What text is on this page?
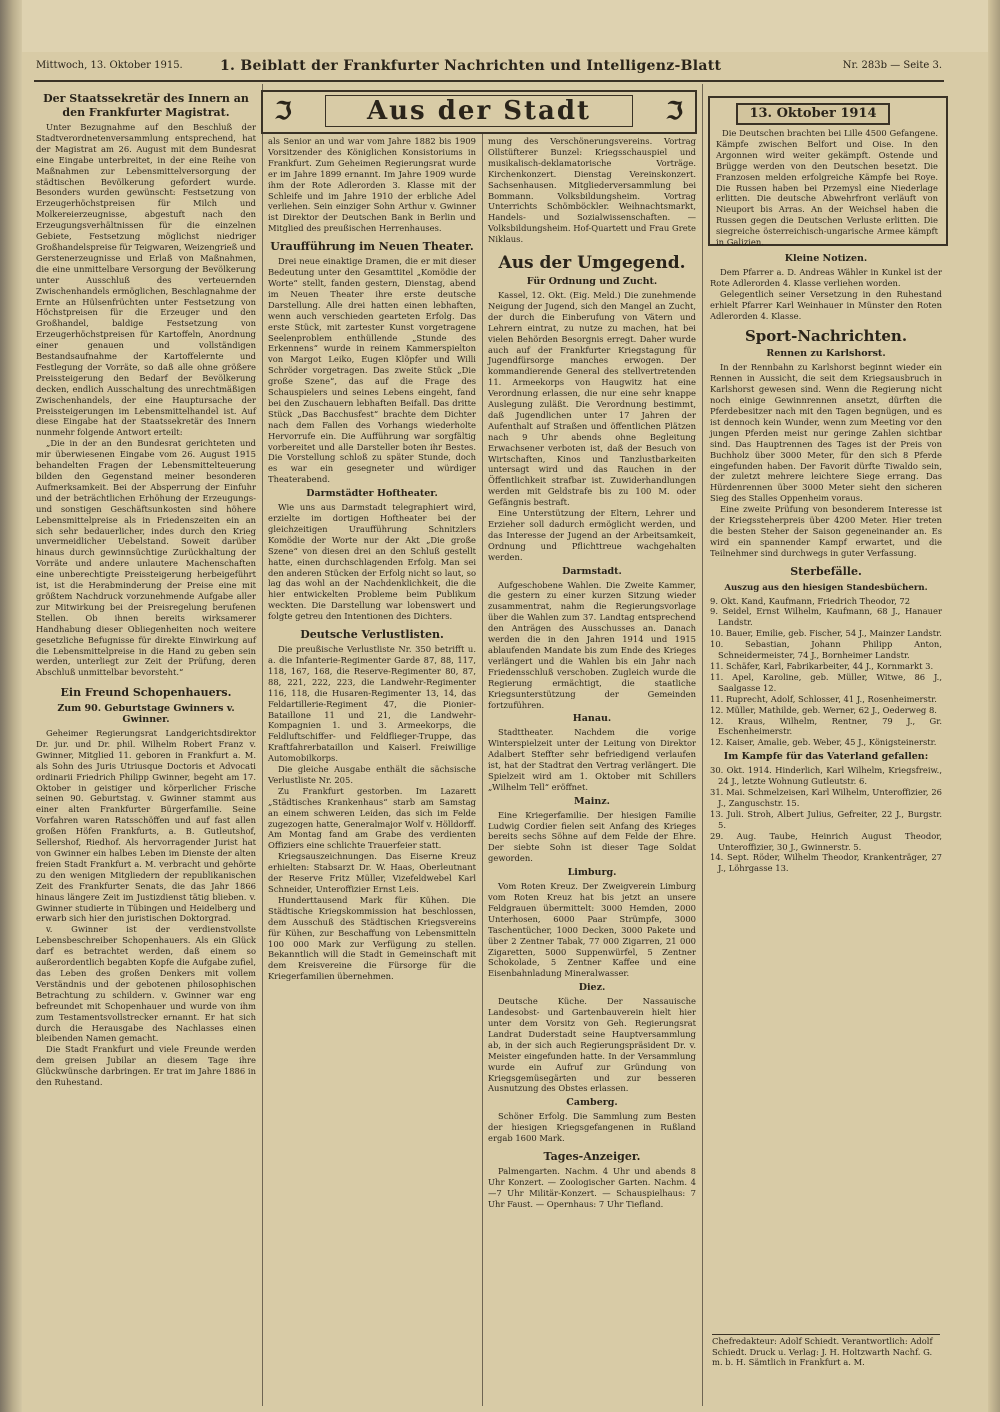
Mittwoch, 13. Oktober 1915.	1. Beiblatt der Frankfurter Nachrichten und Intelligenz-Blatt	Nr. 283b — Seite 3.
ℑ	Aus der Stadt	ℑ
Der Staatssekretär des Innern an den Frankfurter Magistrat.

Unter Bezugnahme auf den Beschluß der Stadtverordnetenversammlung entsprechend, hat der Magistrat am 26. August mit dem Bundesrat eine Eingabe unterbreitet, in der eine Reihe von Maßnahmen zur Lebensmittelversorgung der städtischen Bevölkerung gefordert wurde. Besonders wurden gewünscht: Festsetzung von Erzeugerhöchstpreisen für Milch und Molkereierzeugnisse, abgestuft nach den Erzeugungsverhältnissen für die einzelnen Gebiete, Festsetzung möglichst niedriger Großhandelspreise für Teigwaren, Weizengrieß und Gerstenerzeugnisse und Erlaß von Maßnahmen, die eine unmittelbare Versorgung der Bevölkerung unter Ausschluß des verteuernden Zwischenhandels ermöglichen, Beschlagnahme der Ernte an Hülsenfrüchten unter Festsetzung von Höchstpreisen für die Erzeuger und den Großhandel, baldige Festsetzung von Erzeugerhöchstpreisen für Kartoffeln, Anordnung einer genauen und vollständigen Bestandsaufnahme der Kartoffelernte und Festlegung der Vorräte, so daß alle ohne größere Preissteigerung den Bedarf der Bevölkerung decken, endlich Ausschaltung des unrechtmäßigen Zwischenhandels, der eine Hauptursache der Preissteigerungen im Lebensmittelhandel ist. Auf diese Eingabe hat der Staatssekretär des Innern nunmehr folgende Antwort erteilt:

„Die in der an den Bundesrat gerichteten und mir überwiesenen Eingabe vom 26. August 1915 behandelten Fragen der Lebensmittelteuerung bilden den Gegenstand meiner besonderen Aufmerksamkeit. Bei der Absperrung der Einfuhr und der beträchtlichen Erhöhung der Erzeugungs- und sonstigen Geschäftsunkosten sind höhere Lebensmittelpreise als in Friedenszeiten ein an sich sehr bedauerlicher, indes durch den Krieg unvermeidlicher Uebelstand. Soweit darüber hinaus durch gewinnsüchtige Zurückhaltung der Vorräte und andere unlautere Machenschaften eine unberechtigte Preissteigerung herbeigeführt ist, ist die Herabminderung der Preise eine mit größtem Nachdruck vorzunehmende Aufgabe aller zur Mitwirkung bei der Preisregelung berufenen Stellen. Ob ihnen bereits wirksamerer Handhabung dieser Obliegenheiten noch weitere gesetzliche Befugnisse für direkte Einwirkung auf die Lebensmittelpreise in die Hand zu geben sein werden, unterliegt zur Zeit der Prüfung, deren Abschluß unmittelbar bevorsteht.“

Ein Freund Schopenhauers.
Zum 90. Geburtstage Gwinners v. Gwinner.

Geheimer Regierungsrat Landgerichtsdirektor Dr. jur. und Dr. phil. Wilhelm Robert Franz v. Gwinner, Mitglied 11. geboren in Frankfurt a. M. als Sohn des Juris Utriusque Doctoris et Advocati ordinarii Friedrich Philipp Gwinner, begeht am 17. Oktober in geistiger und körperlicher Frische seinen 90. Geburtstag. v. Gwinner stammt aus einer alten Frankfurter Bürgerfamilie. Seine Vorfahren waren Ratsschöffen und auf fast allen großen Höfen Frankfurts, a. B. Gutleutshof, Sellershof, Riedhof. Als hervorragender Jurist hat von Gwinner ein halbes Leben im Dienste der alten freien Stadt Frankfurt a. M. verbracht und gehörte zu den wenigen Mitgliedern der republikanischen Zeit des Frankfurter Senats, die das Jahr 1866 hinaus längere Zeit im Justizdienst tätig blieben. v. Gwinner studierte in Tübingen und Heidelberg und erwarb sich hier den juristischen Doktorgrad.

v. Gwinner ist der verdienstvollste Lebensbeschreiber Schopenhauers. Als ein Glück darf es betrachtet werden, daß einem so außerordentlich begabten Kopfe die Aufgabe zufiel, das Leben des großen Denkers mit vollem Verständnis und der gebotenen philosophischen Betrachtung zu schildern. v. Gwinner war eng befreundet mit Schopenhauer und wurde von ihm zum Testamentsvollstrecker ernannt. Er hat sich durch die Herausgabe des Nachlasses einen bleibenden Namen gemacht.

Die Stadt Frankfurt und viele Freunde werden dem greisen Jubilar an diesem Tage ihre Glückwünsche darbringen. Er trat im Jahre 1886 in den Ruhestand.

als Senior an und war vom Jahre 1882 bis 1909 Vorsitzender des Königlichen Konsistoriums in Frankfurt. Zum Geheimen Regierungsrat wurde er im Jahre 1899 ernannt. Im Jahre 1909 wurde ihm der Rote Adlerorden 3. Klasse mit der Schleife und im Jahre 1910 der erbliche Adel verliehen. Sein einziger Sohn Arthur v. Gwinner ist Direktor der Deutschen Bank in Berlin und Mitglied des preußischen Herrenhauses.

Uraufführung im Neuen Theater.

Drei neue einaktige Dramen, die er mit dieser Bedeutung unter den Gesamttitel „Komödie der Worte“ stellt, fanden gestern, Dienstag, abend im Neuen Theater ihre erste deutsche Darstellung. Alle drei hatten einen lebhaften, wenn auch verschieden gearteten Erfolg. Das erste Stück, mit zartester Kunst vorgetragene Seelenproblem enthüllende „Stunde des Erkennens“ wurde in reinem Kammerspielton von Margot Leiko, Eugen Klöpfer und Willi Schröder vorgetragen. Das zweite Stück „Die große Szene“, das auf die Frage des Schauspielers und seines Lebens eingeht, fand bei den Zuschauern lebhaften Beifall. Das dritte Stück „Das Bacchusfest“ brachte dem Dichter nach dem Fallen des Vorhangs wiederholte Hervorrufe ein. Die Aufführung war sorgfältig vorbereitet und alle Darsteller boten ihr Bestes. Die Vorstellung schloß zu später Stunde, doch es war ein gesegneter und würdiger Theaterabend.

Darmstädter Hoftheater.

Wie uns aus Darmstadt telegraphiert wird, erzielte im dortigen Hoftheater bei der gleichzeitigen Uraufführung Schnitzlers Komödie der Worte nur der Akt „Die große Szene“ von diesen drei an den Schluß gestellt hatte, einen durchschlagenden Erfolg. Man sei den anderen Stücken der Erfolg nicht so laut, so lag das wohl an der Nachdenklichkeit, die die hier entwickelten Probleme beim Publikum weckten. Die Darstellung war lobenswert und folgte getreu den Intentionen des Dichters.

Deutsche Verlustlisten.

Die preußische Verlustliste Nr. 350 betrifft u. a. die Infanterie-Regimenter Garde 87, 88, 117, 118, 167, 168, die Reserve-Regimenter 80, 87, 88, 221, 222, 223, die Landwehr-Regimenter 116, 118, die Husaren-Regimenter 13, 14, das Feldartillerie-Regiment 47, die Pionier-Bataillone 11 und 21, die Landwehr-Kompagnien 1. und 3. Armeekorps, die Feldluftschiffer- und Feldflieger-Truppe, das Kraftfahrerbataillon und Kaiserl. Freiwillige Automobilkorps.

Die gleiche Ausgabe enthält die sächsische Verlustliste Nr. 205.

Zu Frankfurt gestorben. Im Lazarett „Städtisches Krankenhaus“ starb am Samstag an einem schweren Leiden, das sich im Felde zugezogen hatte, Generalmajor Wolf v. Hölldorff. Am Montag fand am Grabe des verdienten Offiziers eine schlichte Trauerfeier statt.

Kriegsauszeichnungen. Das Eiserne Kreuz erhielten: Stabsarzt Dr. W. Haas, Oberleutnant der Reserve Fritz Müller, Vizefeldwebel Karl Schneider, Unteroffizier Ernst Leis.

Hunderttausend Mark für Kühen. Die Städtische Kriegskommission hat beschlossen, dem Ausschuß des Städtischen Kriegsvereins für Kühen, zur Beschaffung von Lebensmitteln 100 000 Mark zur Verfügung zu stellen. Bekanntlich will die Stadt in Gemeinschaft mit dem Kreisvereine die Fürsorge für die Kriegerfamilien übernehmen.

mung des Verschönerungsvereins. Vortrag Ollstüfterer Bunzel: Kriegsschauspiel und musikalisch-deklamatorische Vorträge. Kirchenkonzert. Dienstag Vereinskonzert. Sachsenhausen. Mitgliederversammlung bei Bommann. Volksbildungsheim. Vortrag Unterrichts Schömböckler. Weihnachtsmarkt, Handels- und Sozialwissenschaften. — Volksbildungsheim. Hof-Quartett und Frau Grete Niklaus.

Aus der Umgegend.
Für Ordnung und Zucht.

Kassel, 12. Okt. (Eig. Meld.) Die zunehmende Neigung der Jugend, sich den Mangel an Zucht, der durch die Einberufung von Vätern und Lehrern eintrat, zu nutze zu machen, hat bei vielen Behörden Besorgnis erregt. Daher wurde auch auf der Frankfurter Kriegstagung für Jugendfürsorge manches erwogen. Der kommandierende General des stellvertretenden 11. Armeekorps von Haugwitz hat eine Verordnung erlassen, die nur eine sehr knappe Auslegung zuläßt. Die Verordnung bestimmt, daß Jugendlichen unter 17 Jahren der Aufenthalt auf Straßen und öffentlichen Plätzen nach 9 Uhr abends ohne Begleitung Erwachsener verboten ist, daß der Besuch von Wirtschaften, Kinos und Tanzlustbarkeiten untersagt wird und das Rauchen in der Öffentlichkeit strafbar ist. Zuwiderhandlungen werden mit Geldstrafe bis zu 100 M. oder Gefängnis bestraft.

Eine Unterstützung der Eltern, Lehrer und Erzieher soll dadurch ermöglicht werden, und das Interesse der Jugend an der Arbeitsamkeit, Ordnung und Pflichttreue wachgehalten werden.

Darmstadt.

Aufgeschobene Wahlen. Die Zweite Kammer, die gestern zu einer kurzen Sitzung wieder zusammentrat, nahm die Regierungsvorlage über die Wahlen zum 37. Landtag entsprechend den Anträgen des Ausschusses an. Danach werden die in den Jahren 1914 und 1915 ablaufenden Mandate bis zum Ende des Krieges verlängert und die Wahlen bis ein Jahr nach Friedensschluß verschoben. Zugleich wurde die Regierung ermächtigt, die staatliche Kriegsunterstützung der Gemeinden fortzuführen.

Hanau.

Stadttheater. Nachdem die vorige Winterspielzeit unter der Leitung von Direktor Adalbert Steffter sehr befriedigend verlaufen ist, hat der Stadtrat den Vertrag verlängert. Die Spielzeit wird am 1. Oktober mit Schillers „Wilhelm Tell“ eröffnet.

Mainz.

Eine Kriegerfamilie. Der hiesigen Familie Ludwig Cordier fielen seit Anfang des Krieges bereits sechs Söhne auf dem Felde der Ehre. Der siebte Sohn ist dieser Tage Soldat geworden.

Limburg.

Vom Roten Kreuz. Der Zweigverein Limburg vom Roten Kreuz hat bis jetzt an unsere Feldgrauen übermittelt: 3000 Hemden, 2000 Unterhosen, 6000 Paar Strümpfe, 3000 Taschentücher, 1000 Decken, 3000 Pakete und über 2 Zentner Tabak, 77 000 Zigarren, 21 000 Zigaretten, 5000 Suppenwürfel, 5 Zentner Schokolade, 5 Zentner Kaffee und eine Eisenbahnladung Mineralwasser.

Diez.

Deutsche Küche. Der Nassauische Landesobst- und Gartenbauverein hielt hier unter dem Vorsitz von Geh. Regierungsrat Landrat Duderstadt seine Hauptversammlung ab, in der sich auch Regierungspräsident Dr. v. Meister eingefunden hatte. In der Versammlung wurde ein Aufruf zur Gründung von Kriegsgemüsegärten und zur besseren Ausnutzung des Obstes erlassen.

Camberg.

Schöner Erfolg. Die Sammlung zum Besten der hiesigen Kriegsgefangenen in Rußland ergab 1600 Mark.

Tages-Anzeiger.

Palmengarten. Nachm. 4 Uhr und abends 8 Uhr Konzert. — Zoologischer Garten. Nachm. 4—7 Uhr Militär-Konzert. — Schauspielhaus: 7 Uhr Faust. — Opernhaus: 7 Uhr Tiefland.

13. Oktober 1914

Die Deutschen brachten bei Lille 4500 Gefangene. Kämpfe zwischen Belfort und Oise. In den Argonnen wird weiter gekämpft. Ostende und Brügge werden von den Deutschen besetzt. Die Franzosen melden erfolgreiche Kämpfe bei Roye. Die Russen haben bei Przemysl eine Niederlage erlitten. Die deutsche Abwehrfront verläuft von Nieuport bis Arras. An der Weichsel haben die Russen gegen die Deutschen Verluste erlitten. Die siegreiche österreichisch-ungarische Armee kämpft in Galizien.

Kleine Notizen.

Dem Pfarrer a. D. Andreas Wähler in Kunkel ist der Rote Adlerorden 4. Klasse verliehen worden.

Gelegentlich seiner Versetzung in den Ruhestand erhielt Pfarrer Karl Weinhauer in Münster den Roten Adlerorden 4. Klasse.

Sport-Nachrichten.
Rennen zu Karlshorst.

In der Rennbahn zu Karlshorst beginnt wieder ein Rennen in Aussicht, die seit dem Kriegsausbruch in Karlshorst gewesen sind. Wenn die Regierung nicht noch einige Gewinnrennen ansetzt, dürften die Pferdebesitzer nach mit den Tagen begnügen, und es ist dennoch kein Wunder, wenn zum Meeting vor den jungen Pferden meist nur geringe Zahlen sichtbar sind. Das Hauptrennen des Tages ist der Preis von Buchholz über 3000 Meter, für den sich 8 Pferde eingefunden haben. Der Favorit dürfte Tiwaldo sein, der zuletzt mehrere leichtere Siege errang. Das Hürdenrennen über 3000 Meter sieht den sicheren Sieg des Stalles Oppenheim voraus.

Eine zweite Prüfung von besonderem Interesse ist der Kriegssteherpreis über 4200 Meter. Hier treten die besten Steher der Saison gegeneinander an. Es wird ein spannender Kampf erwartet, und die Teilnehmer sind durchwegs in guter Verfassung.

Sterbefälle.
Auszug aus den hiesigen Standesbüchern.

9. Okt. Kand, Kaufmann, Friedrich Theodor, 72

9. Seidel, Ernst Wilhelm, Kaufmann, 68 J., Hanauer Landstr.

10. Bauer, Emilie, geb. Fischer, 54 J., Mainzer Landstr.

10. Sebastian, Johann Philipp Anton, Schneidermeister, 74 J., Bornheimer Landstr.

11. Schäfer, Karl, Fabrikarbeiter, 44 J., Kornmarkt 3.

11. Apel, Karoline, geb. Müller, Witwe, 86 J., Saalgasse 12.

11. Ruprecht, Adolf, Schlosser, 41 J., Rosenheimerstr.

12. Müller, Mathilde, geb. Werner, 62 J., Oederweg 8.

12. Kraus, Wilhelm, Rentner, 79 J., Gr. Eschenheimerstr.

12. Kaiser, Amalie, geb. Weber, 45 J., Königsteinerstr.

Im Kampfe für das Vaterland gefallen:

30. Okt. 1914. Hinderlich, Karl Wilhelm, Kriegsfreiw., 24 J., letzte Wohnung Gutleutstr. 6.

31. Mai. Schmelzeisen, Karl Wilhelm, Unteroffizier, 26 J., Zanguschstr. 15.

13. Juli. Stroh, Albert Julius, Gefreiter, 22 J., Burgstr. 5.

29. Aug. Taube, Heinrich August Theodor, Unteroffizier, 30 J., Gwinnerstr. 5.

14. Sept. Röder, Wilhelm Theodor, Krankenträger, 27 J., Löhrgasse 13.

Chefredakteur: Adolf Schiedt. Verantwortlich: Adolf Schiedt. Druck u. Verlag: J. H. Holtzwarth Nachf. G. m. b. H. Sämtlich in Frankfurt a. M.
